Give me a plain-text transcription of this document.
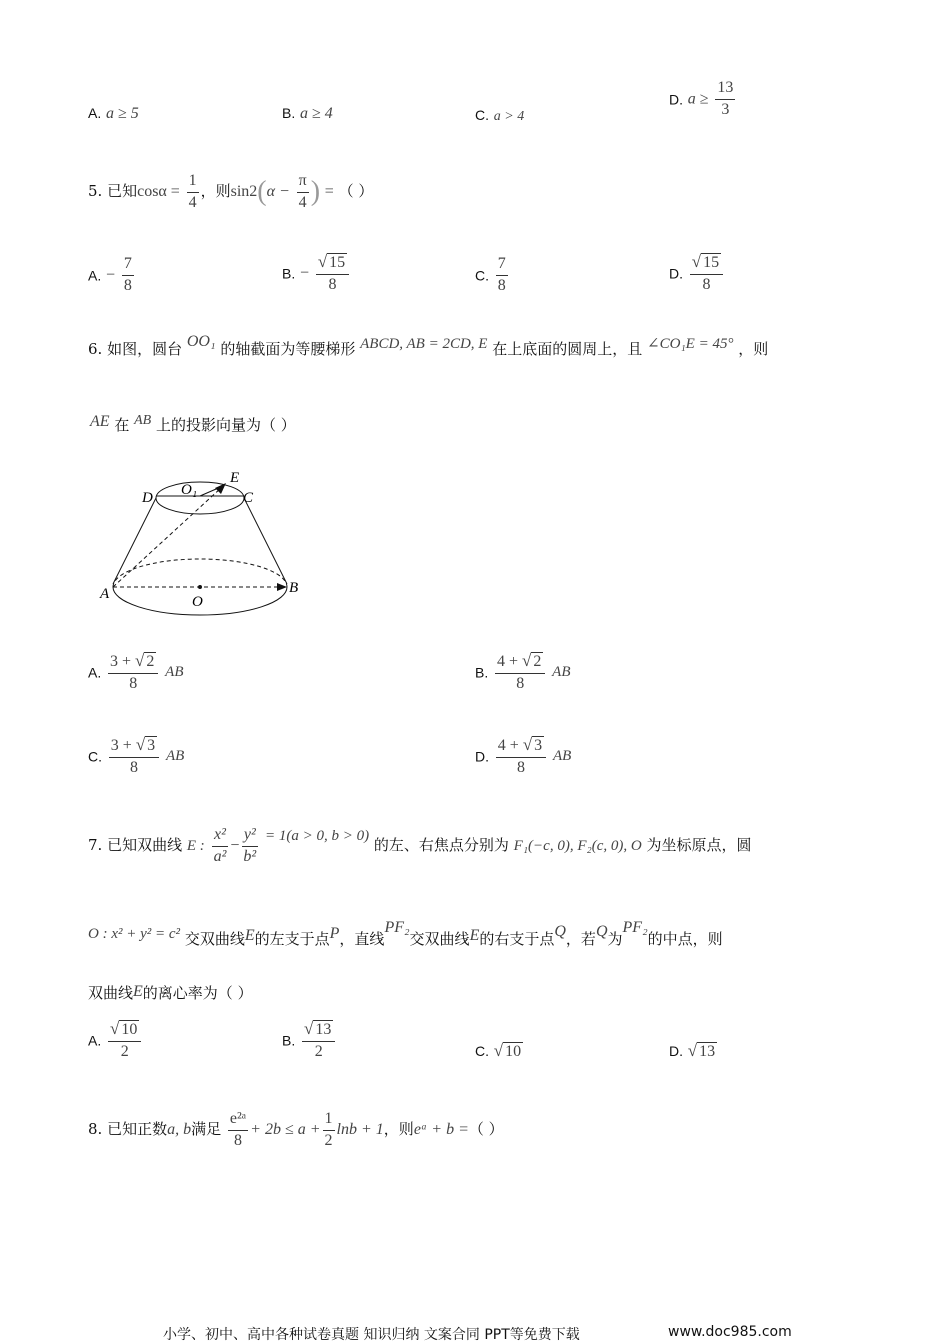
A. a ≥ 5	B. a ≥ 4	C. a > 4
D. $a \ge \frac{13}{3}$
5. 已知$\cos\alpha = \frac{1}{4}$ ，则$\sin 2(\alpha - \frac{\pi}{4}$ ) = （ ）
A. − $\frac{7}{8}$	B. − $\frac{√ 15}{8}$	C. $\frac{7}{8}$	D. $\frac{√ 15}{8}$
6. 如图，圆台 OO₁ 的轴截面为等腰梯形 ABCD, AB = 2CD, E 在上底面的圆周上，且 ∠CO₁E = 45° ，则
AE 在 AB 上的投影向量为（ ）
D O₁
E
C
A	O
B
A. $\frac{3 + √ 2}{8}$ AB	B. $\frac{4 + √ 2}{8}$ AB
C. $\frac{3 + √ 3}{8}$ AB	D. $\frac{4 + √ 3}{8}$ AB
7. 已知双曲线 E : $\frac{\text{x²}}{\text{a²}} - \frac{\text{y²}}{\text{b²}} = 1(a > 0$, b > 0) 的左、右焦点分别为 F₁(−c, 0), F₂(c, 0), O 为坐标原点，圆
O : x² + y² = c² 交双曲线E的左支于点P，直线PF₂交双曲线E的右支于点Q，若Q为PF₂的中点，则
双曲线E的离心率为（ ）
A. $\frac{√ 10}{2}$	B. $\frac{√ 13}{2}$	C. √ 10	D. √ 13
8. 已知正数a, b满足 $\frac{\text{e²ᵃ}}{8} + 2b \le a + \frac{1}{2}$ lnb + 1，则eᵃ + b =（ ）
小学、初中、高中各种试卷真题 知识归纳 文案合同 PPT等免费下载	www.doc985.com
